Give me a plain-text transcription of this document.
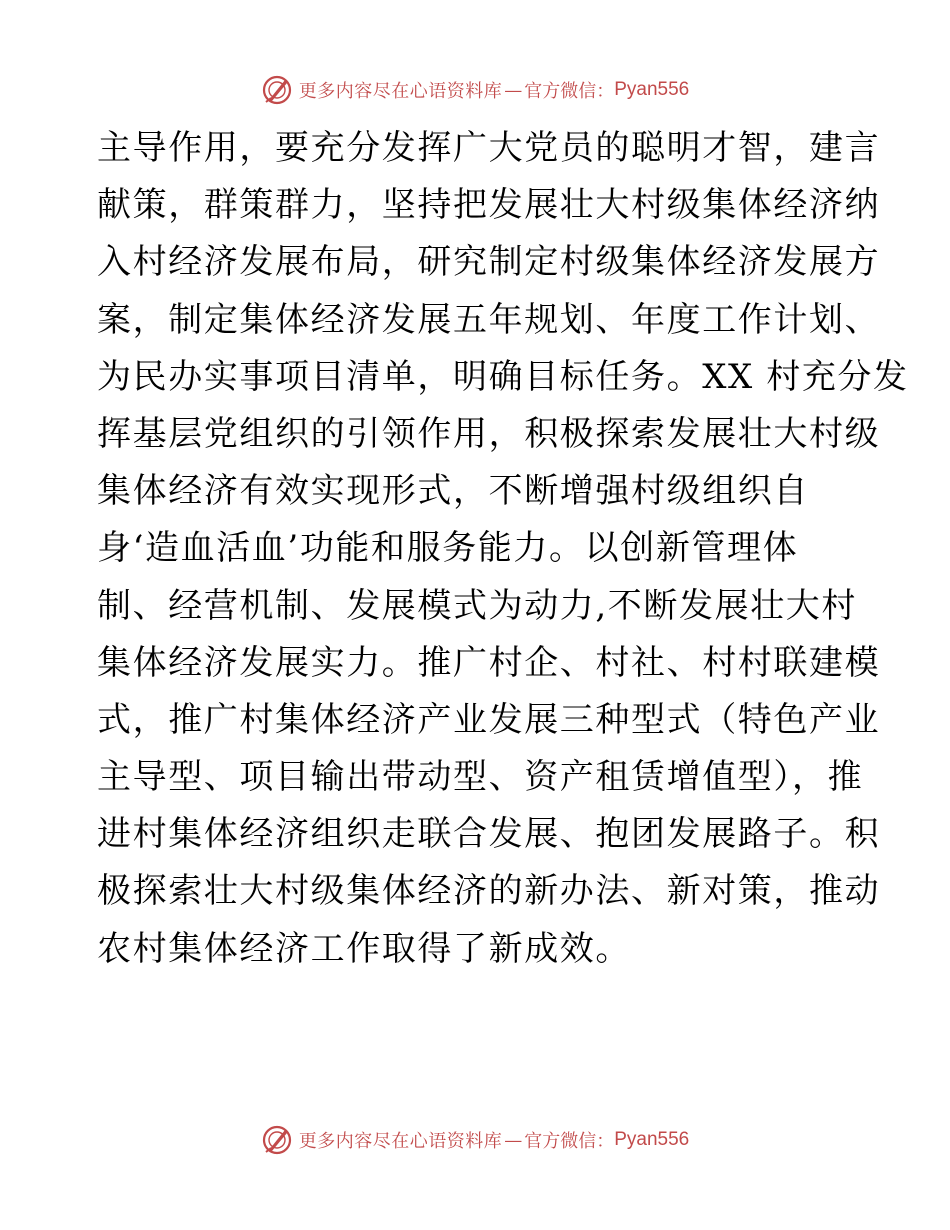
更多内容尽在心语资料库 — 官方微信： Pyan556
主导作用，要充分发挥广大党员的聪明才智，建言
献策，群策群力，坚持把发展壮大村级集体经济纳
入村经济发展布局，研究制定村级集体经济发展方
案，制定集体经济发展五年规划、年度工作计划、
为民办实事项目清单，明确目标任务。XX 村充分发
挥基层党组织的引领作用，积极探索发展壮大村级
集体经济有效实现形式，不断增强村级组织自
身‘造血活血’功能和服务能力。以创新管理体
制、经营机制、发展模式为动力,不断发展壮大村
集体经济发展实力。推广村企、村社、村村联建模
式，推广村集体经济产业发展三种型式（特色产业
主导型、项目输出带动型、资产租赁增值型），推
进村集体经济组织走联合发展、抱团发展路子。积
极探索壮大村级集体经济的新办法、新对策，推动
农村集体经济工作取得了新成效。
更多内容尽在心语资料库 — 官方微信： Pyan556
